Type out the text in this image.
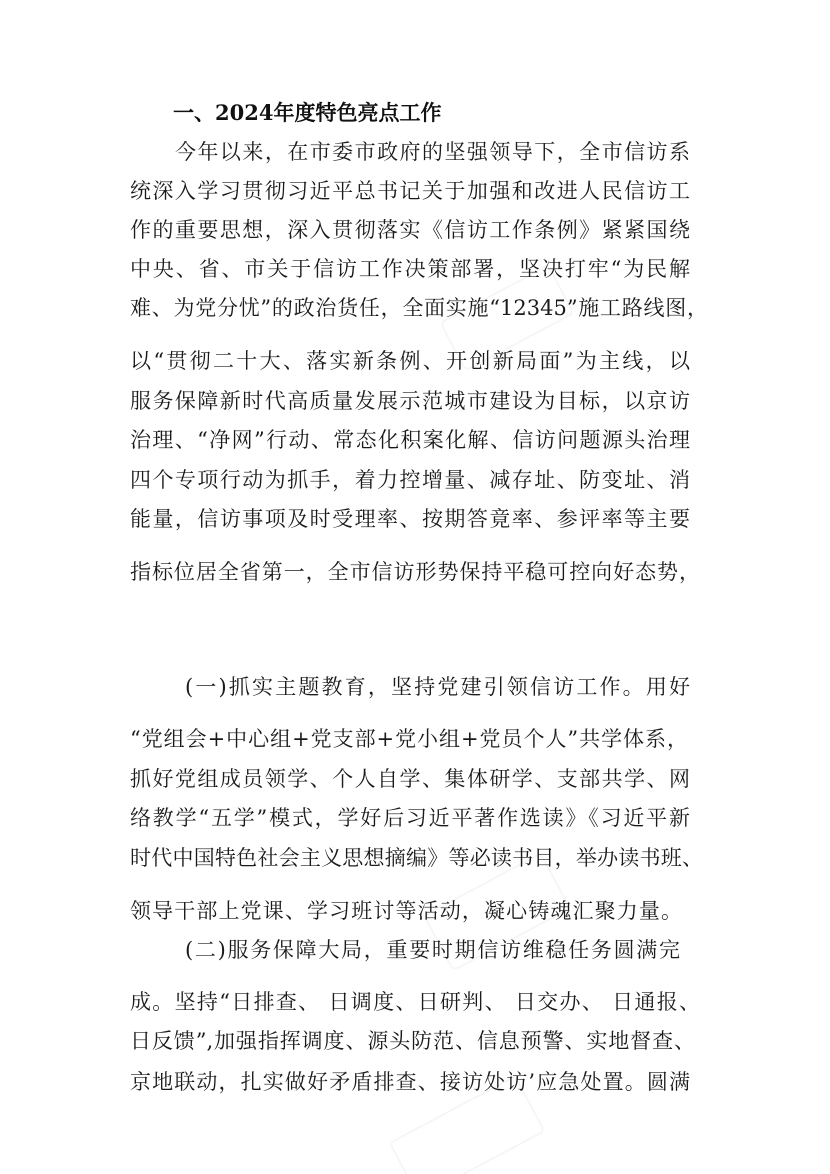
一、2024年度特色亮点工作
今年以来，在市委市政府的坚强领导下，全市信访系
统深入学习贯彻习近平总书记关于加强和改进人民信访工
作的重要思想，深入贯彻落实《信访工作条例》紧紧国绕
中央、省、市关于信访工作决策部署，坚决打牢“为民解
难、为党分忧”的政治货任，全面实施“12345”施工路线图，
以“贯彻二十大、落实新条例、开创新局面”为主线，以
服务保障新时代高质量发展示范城市建设为目标，以京访
治理、“净网”行动、常态化积案化解、信访问题源头治理
四个专项行动为抓手，着力控增量、减存址、防变址、消
能量，信访事项及时受理率、按期答竟率、参评率等主要
指标位居全省第一，全市信访形势保持平稳可控向好态势，
(一)抓实主题教育，坚持党建引领信访工作。用好
“党组会+中心组+党支部+党小组+党员个人”共学体系，
抓好党组成员领学、个人自学、集体研学、支部共学、网
络教学“五学”模式，学好后习近平著作选读》《习近平新
时代中国特色社会主义思想摘编》等必读书目，举办读书班、
领导干部上党课、学习班讨等活动，凝心铸魂汇聚力量。
(二)服务保障大局，重要时期信访维稳任务圆满完
成。坚持“日排查、 日调度、日研判、 日交办、 日通报、
日反馈”,加强指挥调度、源头防范、信息预警、实地督查、
京地联动，扎实做好矛盾排查、接访处访’应急处置。圆满
